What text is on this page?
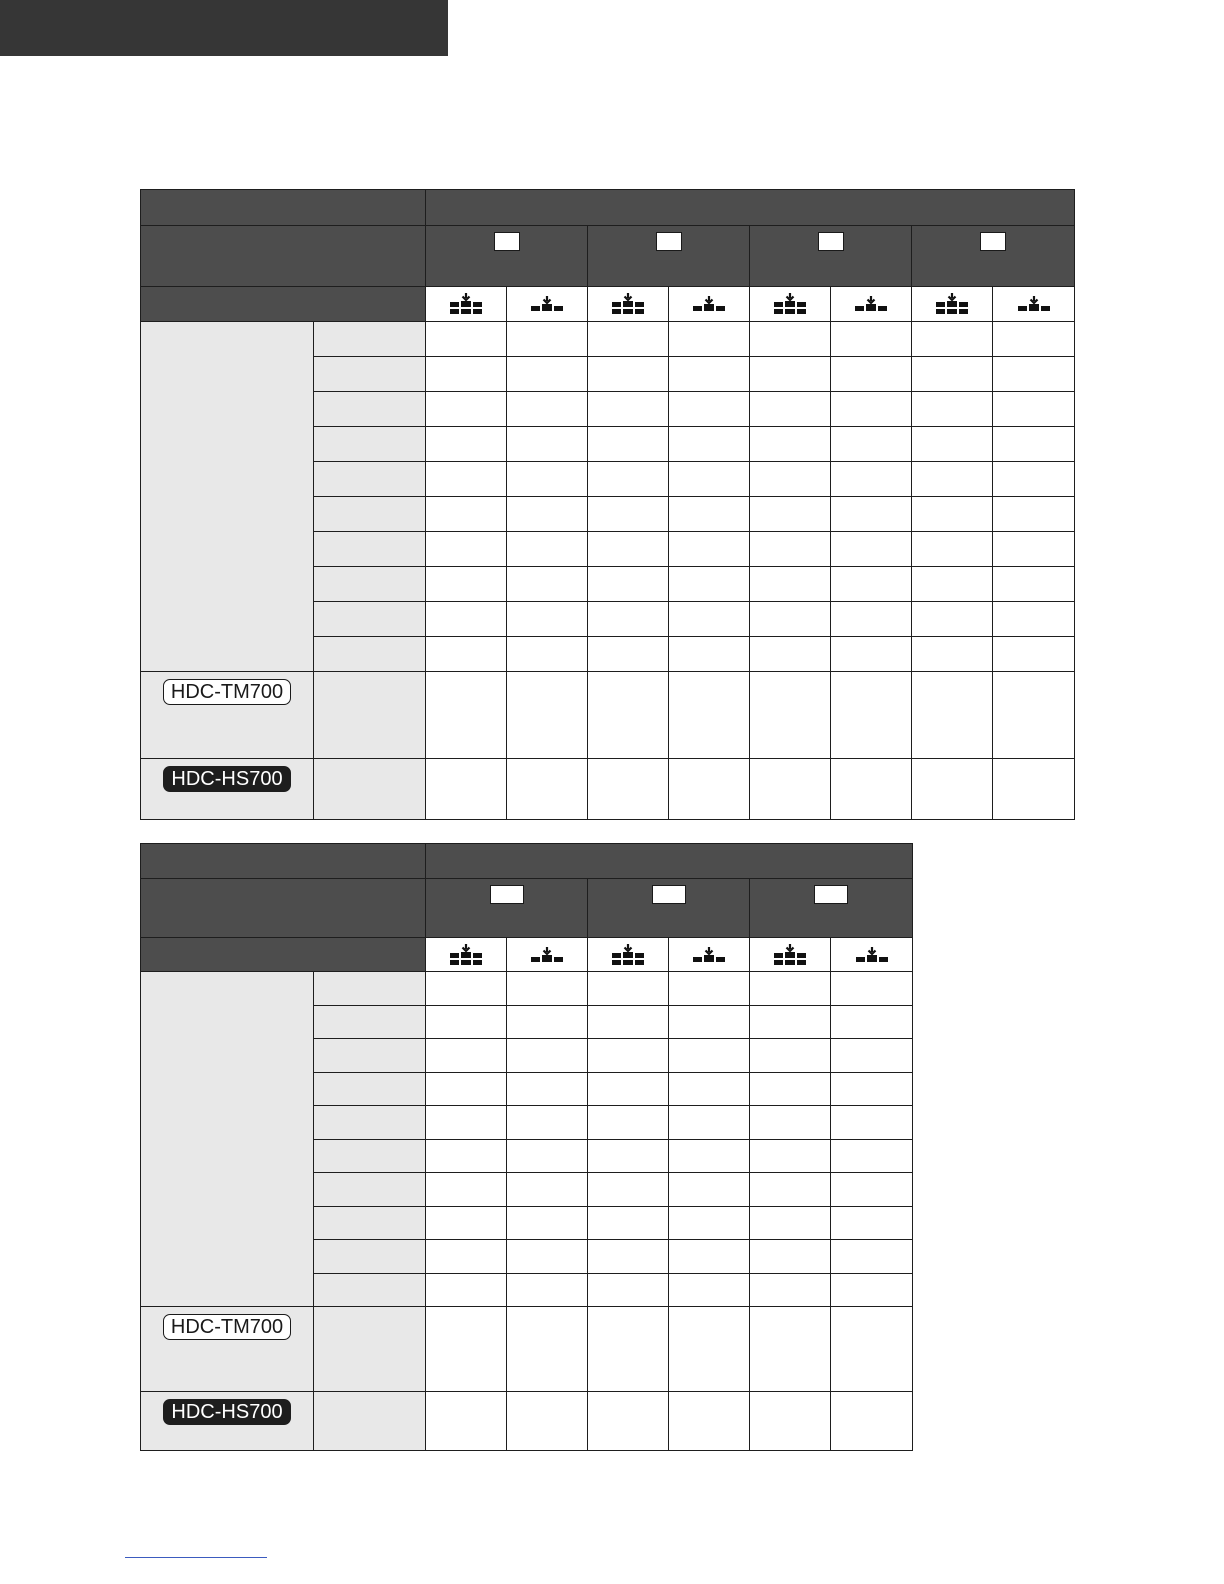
HDC-TM700									

HDC-HS700									

HDC-TM700							

HDC-HS700							
